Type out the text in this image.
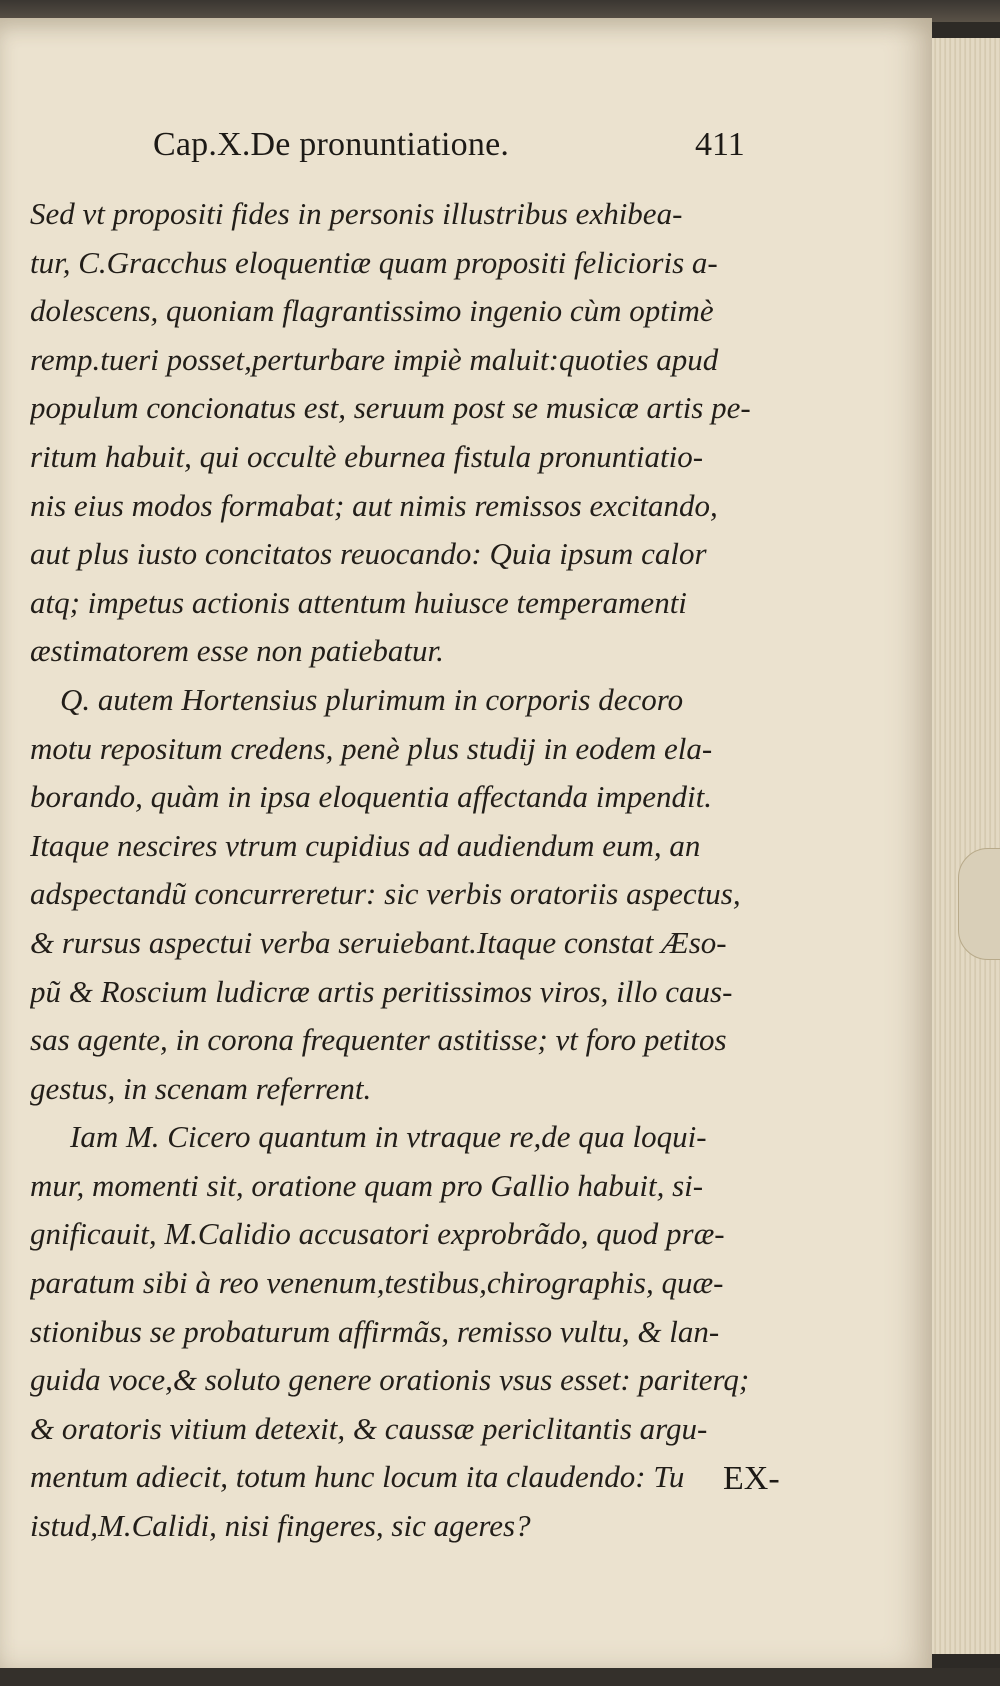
Cap.X.De pronuntiatione.	411
Sed vt propositi fides in personis illustribus exhibea-
tur, C.Gracchus eloquentiæ quam propositi felicioris a-
dolescens, quoniam flagrantissimo ingenio cùm optimè
remp.tueri posset,perturbare impiè maluit:quoties apud
populum concionatus est, seruum post se musicæ artis pe-
ritum habuit, qui occultè eburnea fistula pronuntiatio-
nis eius modos formabat; aut nimis remissos excitando,
aut plus iusto concitatos reuocando: Quia ipsum calor
atq; impetus actionis attentum huiusce temperamenti
æstimatorem esse non patiebatur.
Q. autem Hortensius plurimum in corporis decoro
motu repositum credens, penè plus studij in eodem ela-
borando, quàm in ipsa eloquentia affectanda impendit.
Itaque nescires vtrum cupidius ad audiendum eum, an
adspectandũ concurreretur: sic verbis oratoriis aspectus,
& rursus aspectui verba seruiebant.Itaque constat Æso-
pũ & Roscium ludicræ artis peritissimos viros, illo caus-
sas agente, in corona frequenter astitisse; vt foro petitos
gestus, in scenam referrent.
Iam M. Cicero quantum in vtraque re,de qua loqui-
mur, momenti sit, oratione quam pro Gallio habuit, si-
gnificauit, M.Calidio accusatori exprobrãdo, quod præ-
paratum sibi à reo venenum,testibus,chirographis, quæ-
stionibus se probaturum affirmãs, remisso vultu, & lan-
guida voce,& soluto genere orationis vsus esset: pariterq;
& oratoris vitium detexit, & caussæ periclitantis argu-
mentum adiecit, totum hunc locum ita claudendo: Tu
istud,M.Calidi, nisi fingeres, sic ageres?
EX-
